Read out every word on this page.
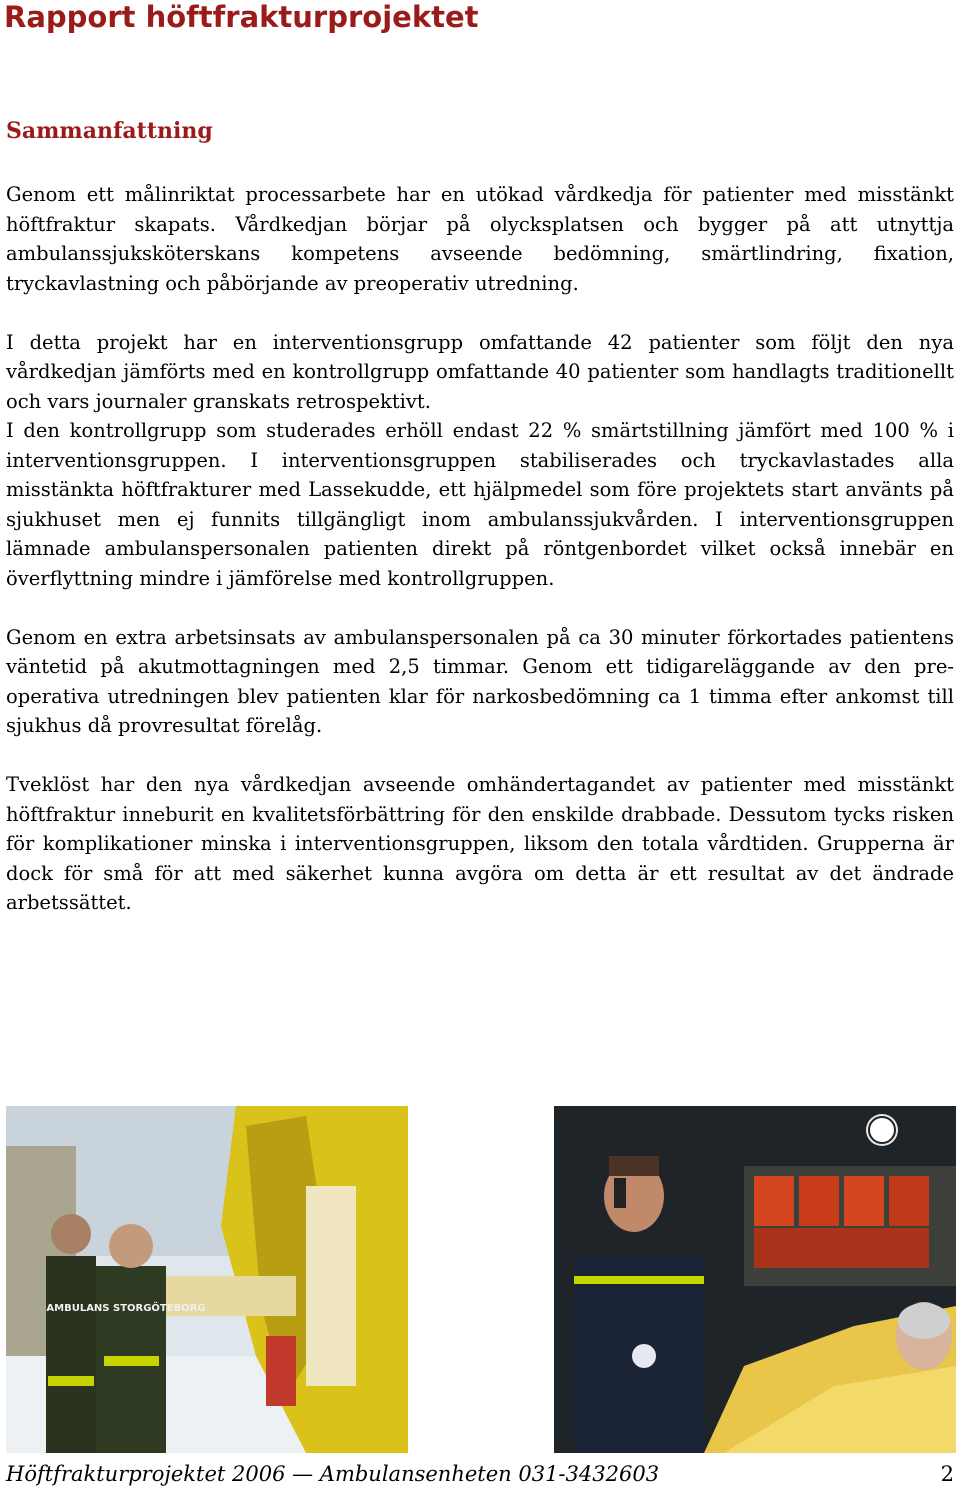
Rapport höftfrakturprojektet
Sammanfattning

Genom ett målinriktat processarbete har en utökad vårdkedja för patienter med misstänkt höftfraktur skapats. Vårdkedjan börjar på olycksplatsen och bygger på att utnyttja ambulanssjuksköterskans kompetens avseende bedömning, smärtlindring, fixation, tryckavlastning och påbörjande av preoperativ utredning.

I detta projekt har en interventionsgrupp omfattande 42 patienter som följt den nya vårdkedjan jämförts med en kontrollgrupp omfattande 40 patienter som handlagts traditionellt och vars journaler granskats retrospektivt.

I den kontrollgrupp som studerades erhöll endast 22 % smärtstillning jämfört med 100 % i interventionsgruppen. I interventionsgruppen stabiliserades och tryckavlastades alla misstänkta höftfrakturer med Lassekudde, ett hjälpmedel som före projektets start använts på sjukhuset men ej funnits tillgängligt inom ambulanssjukvården. I interventionsgruppen lämnade ambulanspersonalen patienten direkt på röntgenbordet vilket också innebär en överflyttning mindre i jämförelse med kontrollgruppen.

Genom en extra arbetsinsats av ambulanspersonalen på ca 30 minuter förkortades patientens väntetid på akutmottagningen med 2,5 timmar. Genom ett tidigareläggande av den pre-operativa utredningen blev patienten klar för narkosbedömning ca 1 timma efter ankomst till sjukhus då provresultat förelåg.

Tveklöst har den nya vårdkedjan avseende omhändertagandet av patienter med misstänkt höftfraktur inneburit en kvalitetsförbättring för den enskilde drabbade. Dessutom tycks risken för komplikationer minska i interventionsgruppen, liksom den totala vårdtiden. Grupperna är dock för små för att med säkerhet kunna avgöra om detta är ett resultat av det ändrade arbetssättet.

AMBULANS STORGÖTEBORG
Höftfrakturprojektet 2006 — Ambulansenheten 031-3432603	2
